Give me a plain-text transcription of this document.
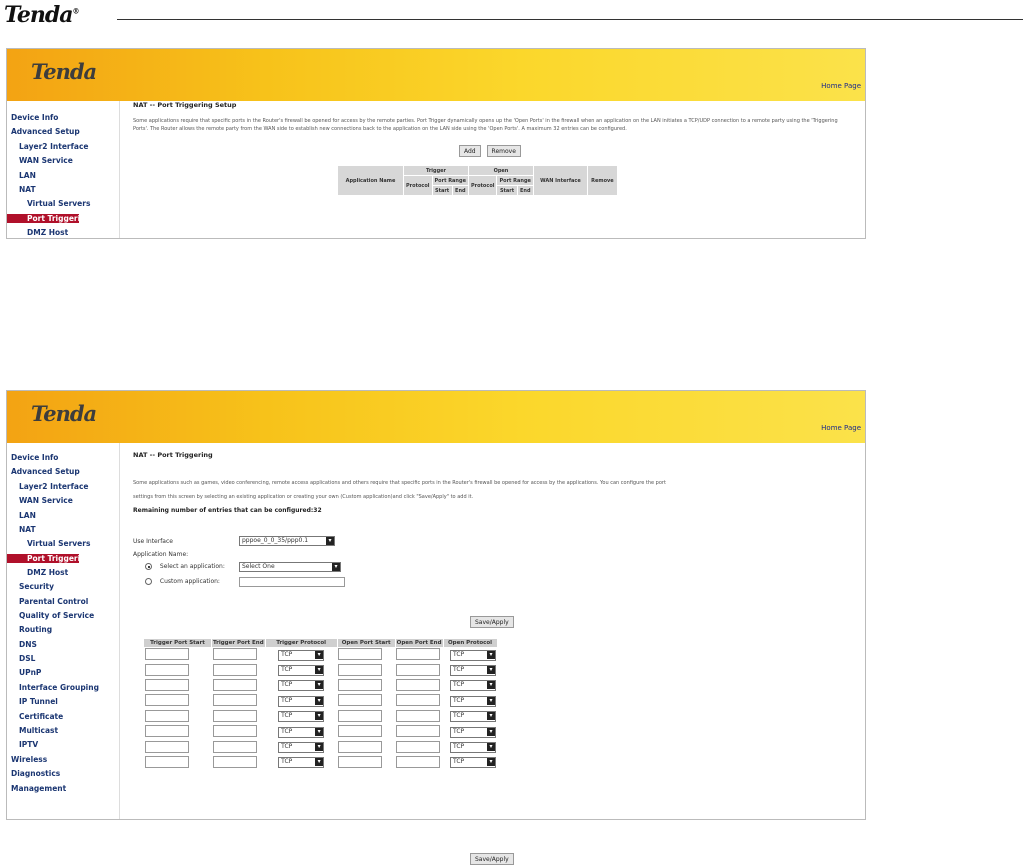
Tenda®
Tenda
Home Page
Device Info
Advanced Setup
Layer2 Interface
WAN Service
LAN
NAT
Virtual Servers
Port Triggering
DMZ Host
NAT -- Port Triggering Setup
Some applications require that specific ports in the Router's firewall be opened for access by the remote parties. Port Trigger dynamically opens up the 'Open Ports' in the firewall when an application on the LAN initiates a TCP/UDP connection to a remote party using the 'Triggering Ports'. The Router allows the remote party from the WAN side to establish new connections back to the application on the LAN side using the 'Open Ports'. A maximum 32 entries can be configured.
Add	Remove
Application Name	Trigger			Open			WAN Interface	Remove
	Protocol	Port Range		Protocol	Port Range			
		Start	End		Start	End		
Tenda
Home Page
Device Info
Advanced Setup
Layer2 Interface
WAN Service
LAN
NAT
Virtual Servers
Port Triggering
DMZ Host
Security
Parental Control
Quality of Service
Routing
DNS
DSL
UPnP
Interface Grouping
IP Tunnel
Certificate
Multicast
IPTV
Wireless
Diagnostics
Management
NAT -- Port Triggering
Some applications such as games, video conferencing, remote access applications and others require that specific ports in the Router's firewall be opened for access by the applications. You can configure the port
settings from this screen by selecting an existing application or creating your own (Custom application)and click "Save/Apply" to add it.
Remaining number of entries that can be configured:32
Use Interface	pppoe_0_0_35/ppp0.1 ▾
Application Name:
Select an application:	Select One ▾
Custom application:
Save/Apply
Trigger Port Start	Trigger Port End	Trigger Protocol	Open Port Start	Open Port End	Open Protocol
		TCP ▾			TCP ▾
		TCP ▾			TCP ▾
		TCP ▾			TCP ▾
		TCP ▾			TCP ▾
		TCP ▾			TCP ▾
		TCP ▾			TCP ▾
		TCP ▾			TCP ▾
		TCP ▾			TCP ▾
Save/Apply
